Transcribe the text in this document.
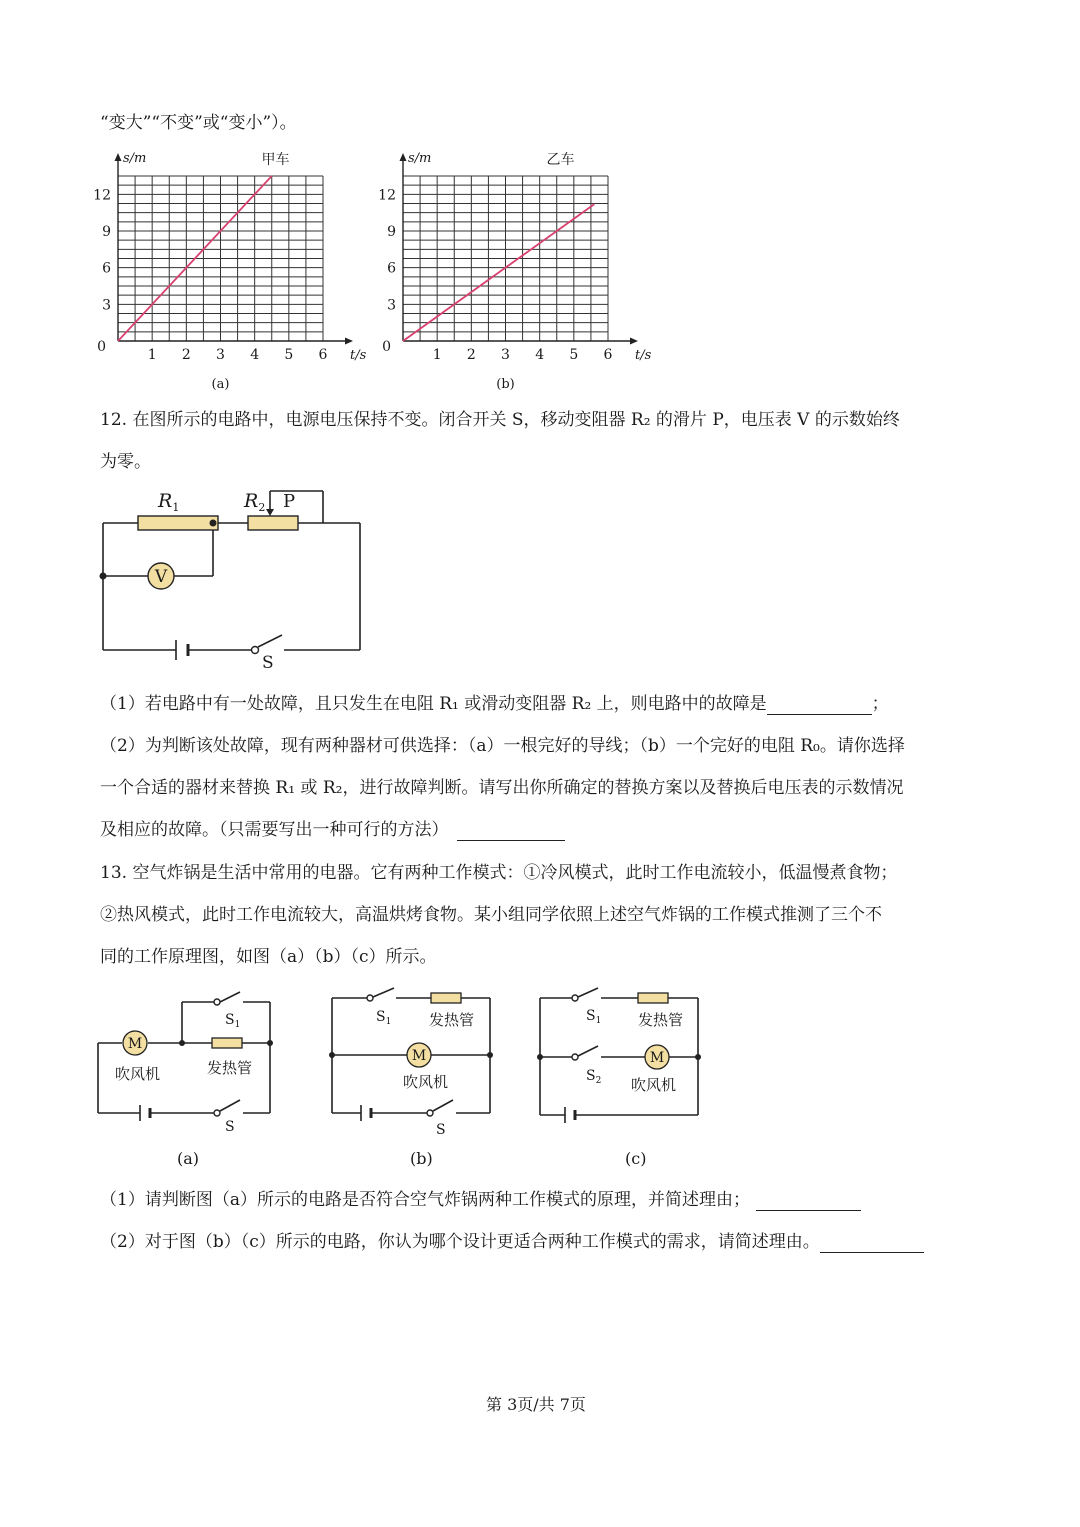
“变大”“不变”或“变小”）。
1 2 3 4 5 6
12
9
6
3
0
s/m
t/s
甲车
(a)
1 2 3 4 5 6
12
9
6
3
0
s/m
t/s
乙车
(b)
12. 在图所示的电路中，电源电压保持不变。闭合开关 S，移动变阻器 R₂ 的滑片 P，电压表 V 的示数始终
为零。
V
$R_1$	$R_2$ P
S
（1）若电路中有一处故障，且只发生在电阻 R₁ 或滑动变阻器 R₂ 上，则电路中的故障是	；
（2）为判断该处故障，现有两种器材可供选择：（a）一根完好的导线；（b）一个完好的电阻 R₀。请你选择
一个合适的器材来替换 R₁ 或 R₂，进行故障判断。请写出你所确定的替换方案以及替换后电压表的示数情况
及相应的故障。（只需要写出一种可行的方法）
13. 空气炸锅是生活中常用的电器。它有两种工作模式：①冷风模式，此时工作电流较小，低温慢煮食物；
②热风模式，此时工作电流较大，高温烘烤食物。某小组同学依照上述空气炸锅的工作模式推测了三个不
同的工作原理图，如图（a）（b）（c）所示。
M
吹风机	发热管
$S_1$
S
(a)
M
吹风机
发热管
$S_1$
S
(b)
M
吹风机
发热管
$S_1$
$S_2$
(c)
（1）请判断图（a）所示的电路是否符合空气炸锅两种工作模式的原理，并简述理由；
（2）对于图（b）（c）所示的电路，你认为哪个设计更适合两种工作模式的需求，请简述理由。
第 3页/共 7页
